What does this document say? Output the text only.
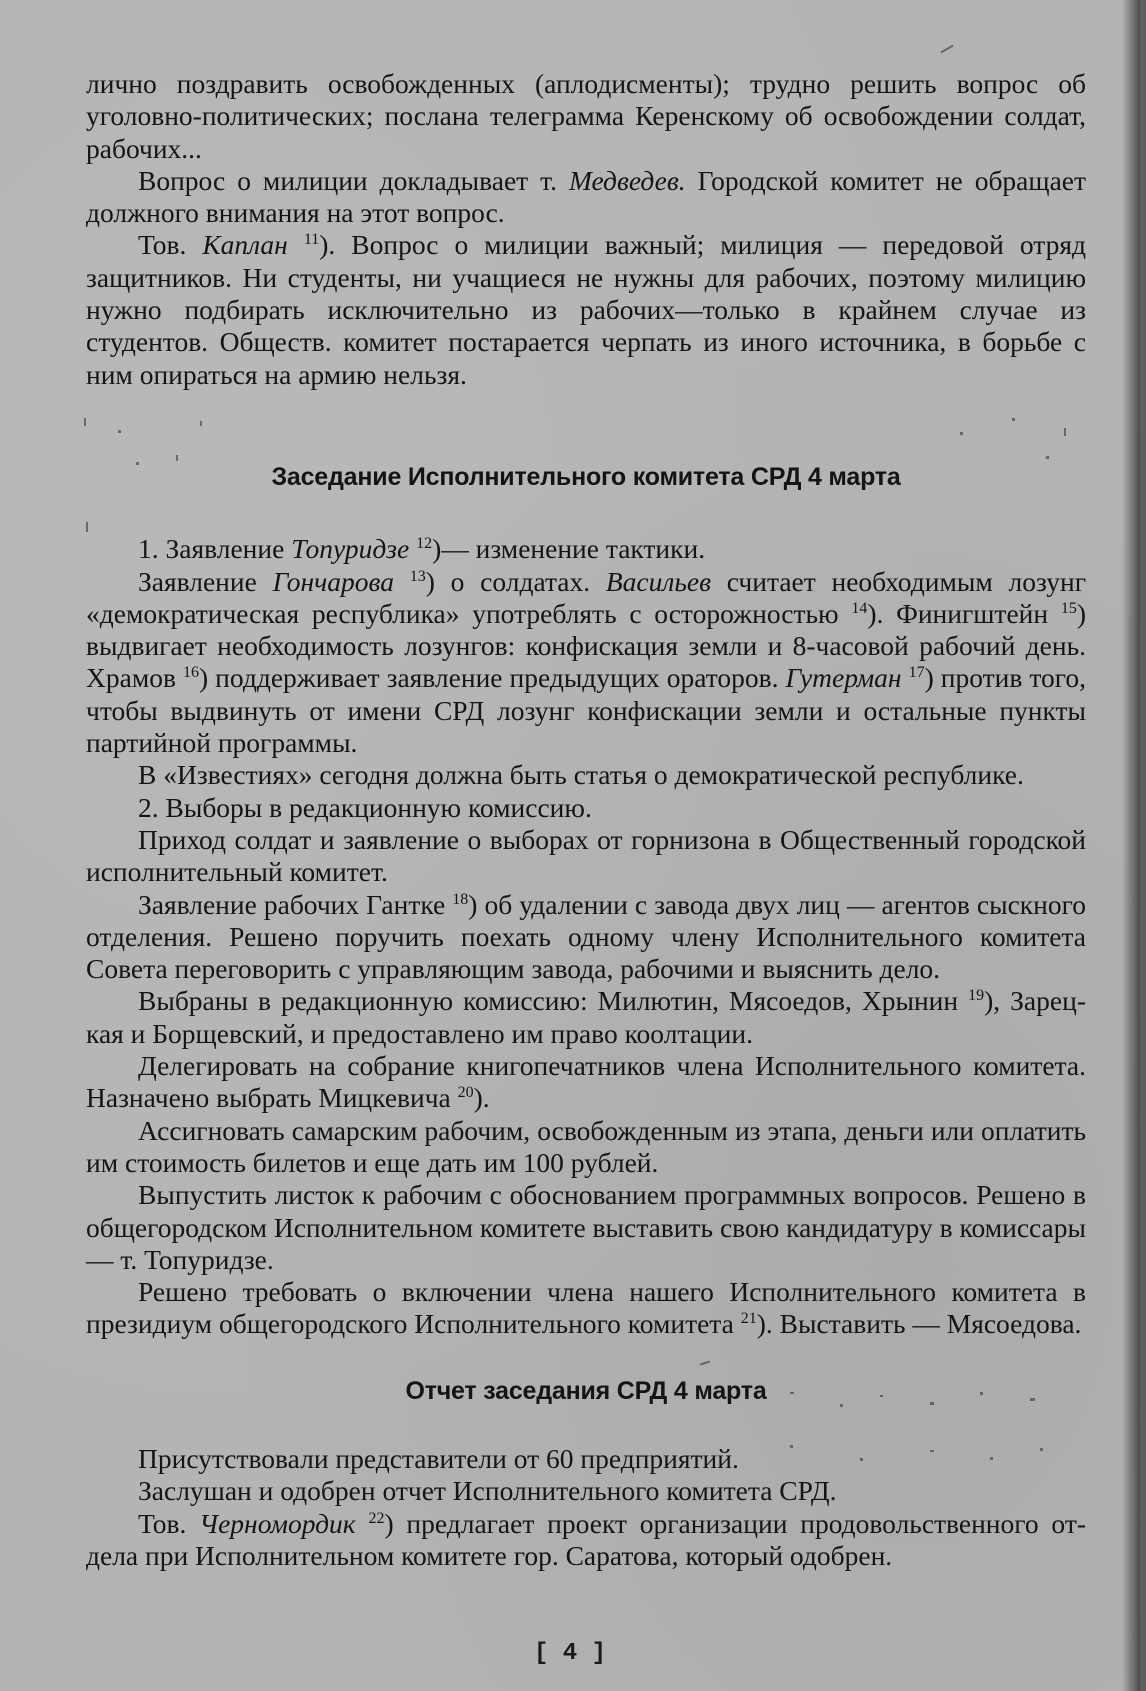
лично поздравить освобожденных (аплодисменты); трудно решить вопрос об уголовно-политических; послана телеграмма Керенскому об освобождении солдат, рабочих...

Вопрос о милиции докладывает т. Медведев. Городской комитет не обращает должного внимания на этот вопрос.

Тов. Каплан $^{11}$). Вопрос о милиции важный; милиция — передовой отряд защитников. Ни студенты, ни учащиеся не нужны для рабочих, поэтому милицию нужно подбирать исключительно из рабочих—только в крайнем случае из студентов. Обществ. комитет постарается черпать из иного источника, в борьбе с ним опираться на армию нельзя.

Заседание Исполнительного комитета СРД 4 марта

1. Заявление Топуридзе $^{12}$)— изменение тактики.

Заявление Гончарова $^{13}$) о солдатах. Васильев считает необходимым лозунг «демократическая республика» употреблять с осторожностью $^{14}$). Финигштейн $^{15}$) выдвигает необходимость лозунгов: конфискация земли и 8-часовой рабочий день. Храмов $^{16}$) поддерживает заявление предыдущих ораторов. Гутерман $^{17}$) против того, чтобы выдвинуть от имени СРД лозунг конфискации земли и остальные пункты партийной программы.

В «Известиях» сегодня должна быть статья о демократической республике.

2. Выборы в редакционную комиссию.

Приход солдат и заявление о выборах от горнизона в Общественный городской исполнительный комитет.

Заявление рабочих Гантке $^{18}$) об удалении с завода двух лиц — агентов сыскного отделения. Решено поручить поехать одному члену Исполнительного комитета Совета переговорить с управляющим завода, рабочими и выяснить дело.

Выбраны в редакционную комиссию: Милютин, Мясоедов, Хрынин $^{19}$), Зарецкая и Борщевский, и предоставлено им право коолтации.

Делегировать на собрание книгопечатников члена Исполнительного комитета. Назначено выбрать Мицкевича $^{20}$).

Ассигновать самарским рабочим, освобожденным из этапа, деньги или оплатить им стоимость билетов и еще дать им 100 рублей.

Выпустить листок к рабочим с обоснованием программных вопросов. Решено в общегородском Исполнительном комитете выставить свою кандидатуру в комиссары — т. Топуридзе.

Решено требовать о включении члена нашего Исполнительного комитета в президиум общегородского Исполнительного комитета $^{21}$). Выставить — Мясоедова.

Отчет заседания СРД 4 марта

Присутствовали представители от 60 предприятий.

Заслушан и одобрен отчет Исполнительного комитета СРД.

Тов. Черномордик $^{22}$) предлагает проект организации продовольственного отдела при Исполнительном комитете гор. Саратова, который одобрен.

[ 4 ]
